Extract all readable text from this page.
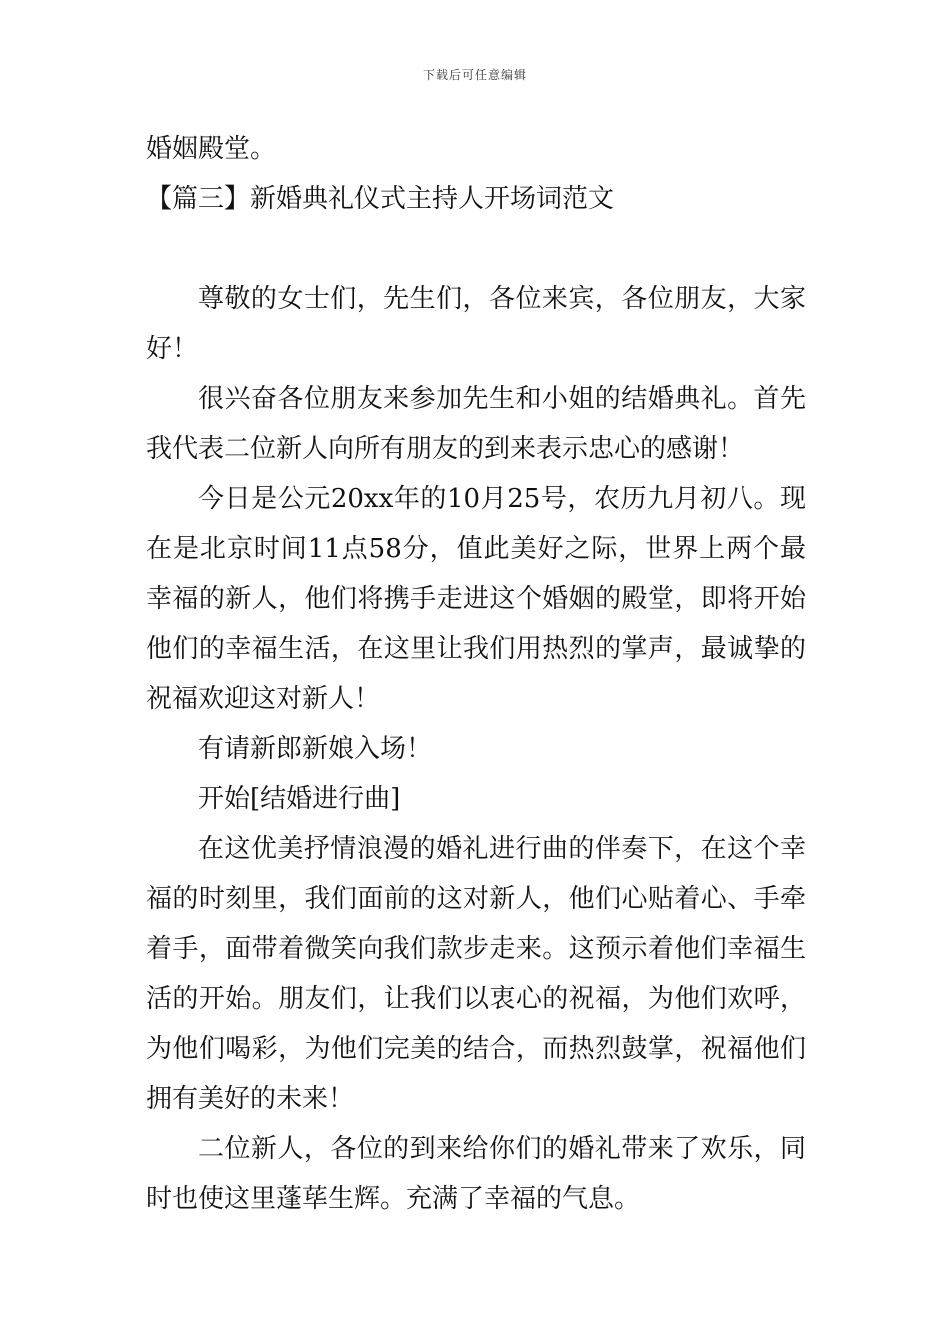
下载后可任意编辑

婚姻殿堂。

【篇三】新婚典礼仪式主持人开场词范文

尊敬的女士们，先生们，各位来宾，各位朋友，大家好！

很兴奋各位朋友来参加先生和小姐的结婚典礼。首先我代表二位新人向所有朋友的到来表示忠心的感谢！

今日是公元20xx年的10月25号，农历九月初八。现在是北京时间11点58分，值此美好之际，世界上两个最幸福的新人，他们将携手走进这个婚姻的殿堂，即将开始他们的幸福生活，在这里让我们用热烈的掌声，最诚挚的祝福欢迎这对新人！

有请新郎新娘入场！

开始[结婚进行曲]

在这优美抒情浪漫的婚礼进行曲的伴奏下，在这个幸福的时刻里，我们面前的这对新人，他们心贴着心、手牵着手，面带着微笑向我们款步走来。这预示着他们幸福生活的开始。朋友们，让我们以衷心的祝福，为他们欢呼，为他们喝彩，为他们完美的结合，而热烈鼓掌，祝福他们拥有美好的未来！

二位新人，各位的到来给你们的婚礼带来了欢乐，同时也使这里蓬荜生辉。充满了幸福的气息。
